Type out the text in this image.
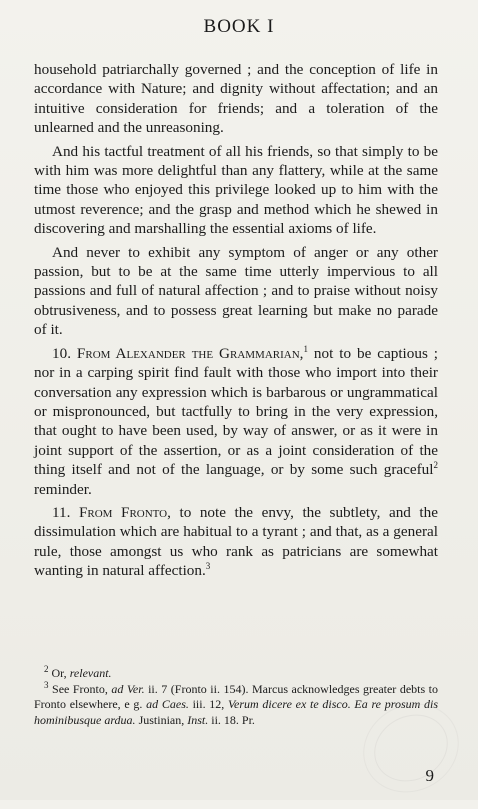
BOOK I

household patriarchally governed ; and the conception of life in accordance with Nature; and dignity without affectation; and an intuitive consideration for friends; and a toleration of the unlearned and the unreasoning.

And his tactful treatment of all his friends, so that simply to be with him was more delightful than any flattery, while at the same time those who enjoyed this privilege looked up to him with the utmost reverence; and the grasp and method which he shewed in discovering and marshalling the essential axioms of life.

And never to exhibit any symptom of anger or any other passion, but to be at the same time utterly impervious to all passions and full of natural affection ; and to praise without noisy obtrusiveness, and to possess great learning but make no parade of it.

10. From Alexander the Grammarian,$^1$ not to be captious ; nor in a carping spirit find fault with those who import into their conversation any expression which is barbarous or ungrammatical or mispronounced, but tactfully to bring in the very expression, that ought to have been used, by way of answer, or as it were in joint support of the assertion, or as a joint consideration of the thing itself and not of the language, or by some such graceful$^2$ reminder.

11. From Fronto, to note the envy, the subtlety, and the dissimulation which are habitual to a tyrant ; and that, as a general rule, those amongst us who rank as patricians are somewhat wanting in natural affection.$^3$

$^2$ Or, relevant.

$^3$ See Fronto, ad Ver. ii. 7 (Fronto ii. 154). Marcus acknowledges greater debts to Fronto elsewhere, e g. ad Caes. iii. 12, Verum dicere ex te disco. Ea re prosum dis hominibusque ardua. Justinian, Inst. ii. 18. Pr.

9
